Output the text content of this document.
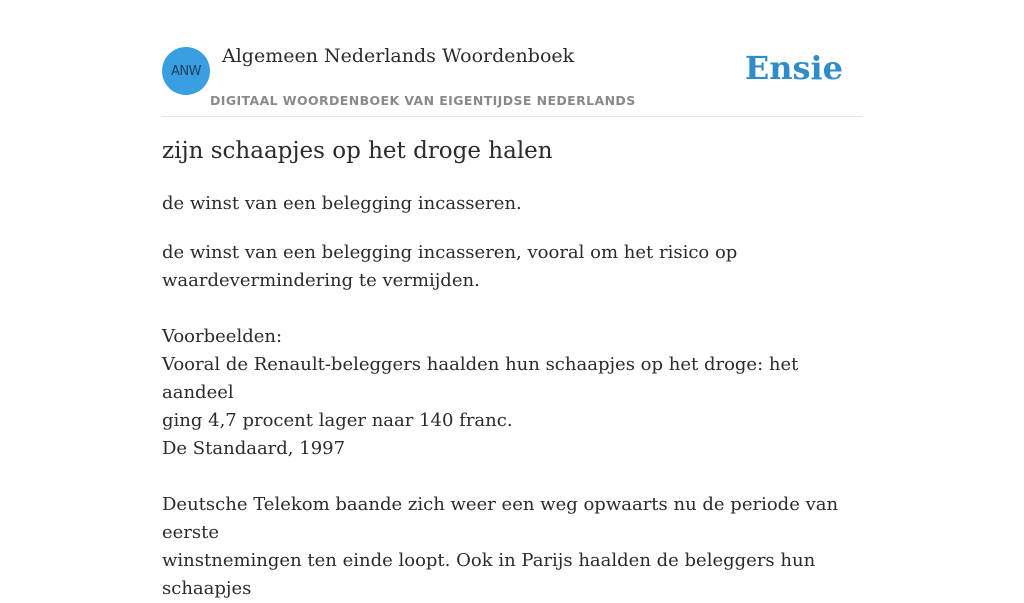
ANW
Algemeen Nederlands Woordenboek
DIGITAAL WOORDENBOEK VAN EIGENTIJDSE NEDERLANDS
Ensie
zijn schaapjes op het droge halen
de winst van een belegging incasseren.

de winst van een belegging incasseren, vooral om het risico op

waardevermindering te vermijden.

Voorbeelden:

Vooral de Renault-beleggers haalden hun schaapjes op het droge: het aandeel

ging 4,7 procent lager naar 140 franc.

De Standaard, 1997

Deutsche Telekom baande zich weer een weg opwaarts nu de periode van eerste

winstnemingen ten einde loopt. Ook in Parijs haalden de beleggers hun schaapjes
